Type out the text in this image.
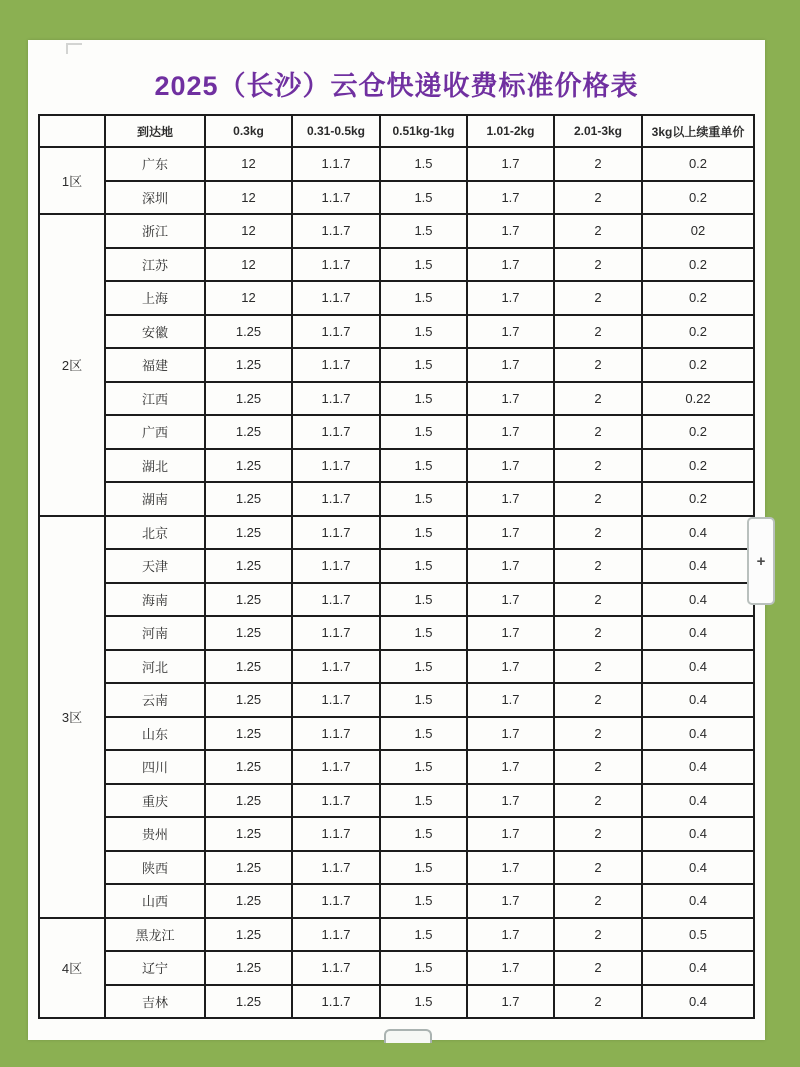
2025（长沙）云仓快递收费标准价格表
	到达地	0.3kg	0.31-0.5kg	0.51kg-1kg	1.01-2kg	2.01-3kg	3kg以上续重单价
1区	广东	12	1.1.7	1.5	1.7	2	0.2
	深圳	12	1.1.7	1.5	1.7	2	0.2
2区	浙江	12	1.1.7	1.5	1.7	2	02
	江苏	12	1.1.7	1.5	1.7	2	0.2
	上海	12	1.1.7	1.5	1.7	2	0.2
	安徽	1.25	1.1.7	1.5	1.7	2	0.2
	福建	1.25	1.1.7	1.5	1.7	2	0.2
	江西	1.25	1.1.7	1.5	1.7	2	0.22
	广西	1.25	1.1.7	1.5	1.7	2	0.2
	湖北	1.25	1.1.7	1.5	1.7	2	0.2
	湖南	1.25	1.1.7	1.5	1.7	2	0.2
3区	北京	1.25	1.1.7	1.5	1.7	2	0.4
	天津	1.25	1.1.7	1.5	1.7	2	0.4
	海南	1.25	1.1.7	1.5	1.7	2	0.4
	河南	1.25	1.1.7	1.5	1.7	2	0.4
	河北	1.25	1.1.7	1.5	1.7	2	0.4
	云南	1.25	1.1.7	1.5	1.7	2	0.4
	山东	1.25	1.1.7	1.5	1.7	2	0.4
	四川	1.25	1.1.7	1.5	1.7	2	0.4
	重庆	1.25	1.1.7	1.5	1.7	2	0.4
	贵州	1.25	1.1.7	1.5	1.7	2	0.4
	陕西	1.25	1.1.7	1.5	1.7	2	0.4
	山西	1.25	1.1.7	1.5	1.7	2	0.4
4区	黑龙江	1.25	1.1.7	1.5	1.7	2	0.5
	辽宁	1.25	1.1.7	1.5	1.7	2	0.4
	吉林	1.25	1.1.7	1.5	1.7	2	0.4
+
